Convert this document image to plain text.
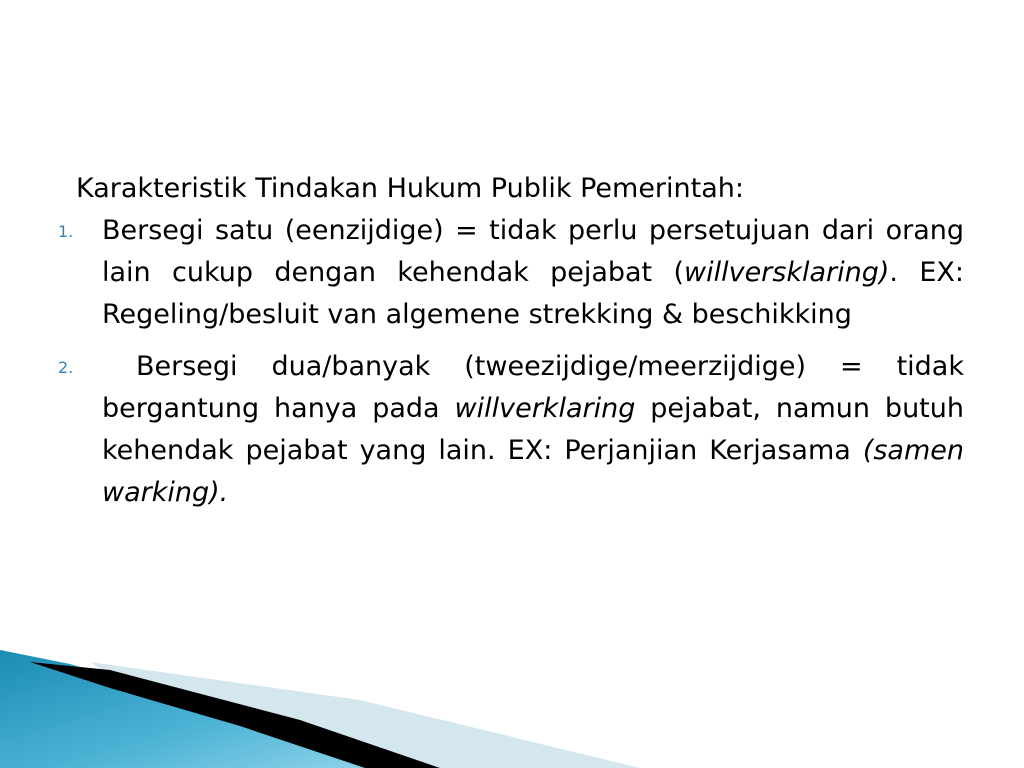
Karakteristik Tindakan Hukum Publik Pemerintah:
1. Bersegi satu (eenzijdige) = tidak perlu persetujuan dari orang lain cukup dengan kehendak pejabat (willversklaring). EX: Regeling/besluit van algemene strekking & beschikking
2. Bersegi dua/banyak (tweezijdige/meerzijdige) = tidak bergantung hanya pada willverklaring pejabat, namun butuh kehendak pejabat yang lain. EX: Perjanjian Kerjasama (samen warking).
